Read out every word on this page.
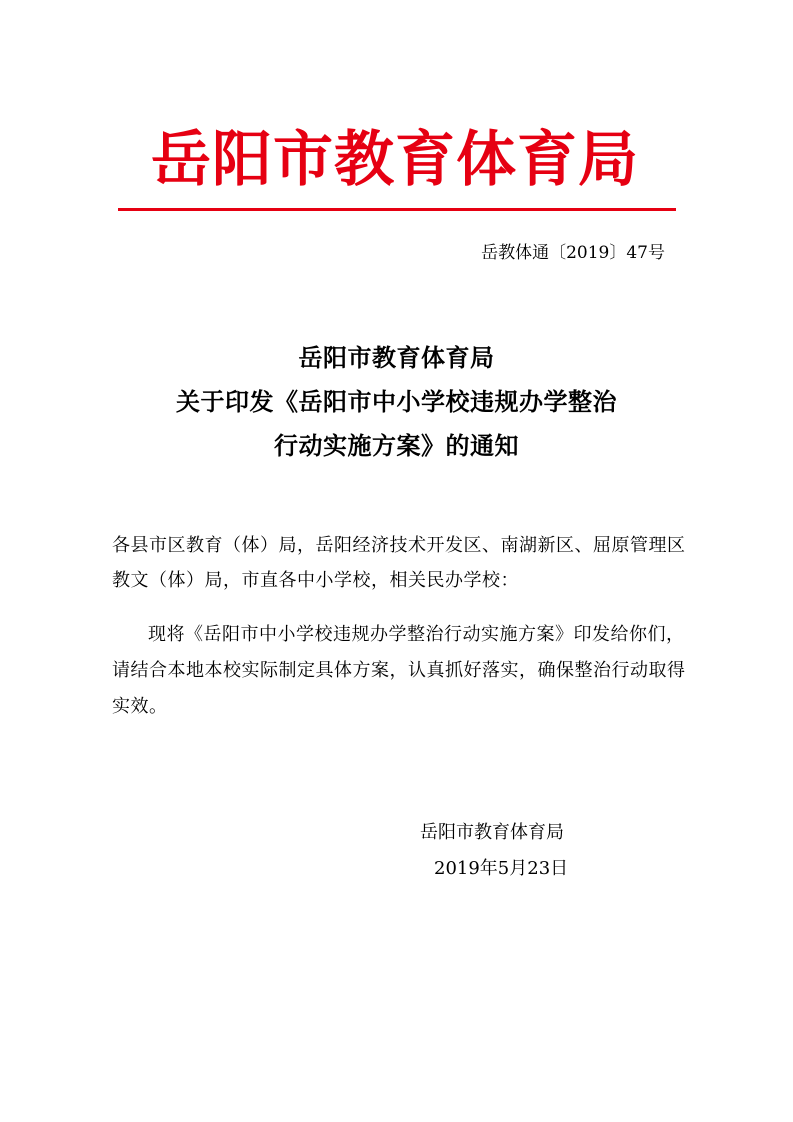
岳阳市教育体育局
岳教体通〔2019〕47号
岳阳市教育体育局
关于印发《岳阳市中小学校违规办学整治
行动实施方案》的通知
各县市区教育（体）局，岳阳经济技术开发区、南湖新区、屈原管理区教文（体）局，市直各中小学校，相关民办学校：
现将《岳阳市中小学校违规办学整治行动实施方案》印发给你们，请结合本地本校实际制定具体方案，认真抓好落实，确保整治行动取得实效。
岳阳市教育体育局
2019年5月23日
